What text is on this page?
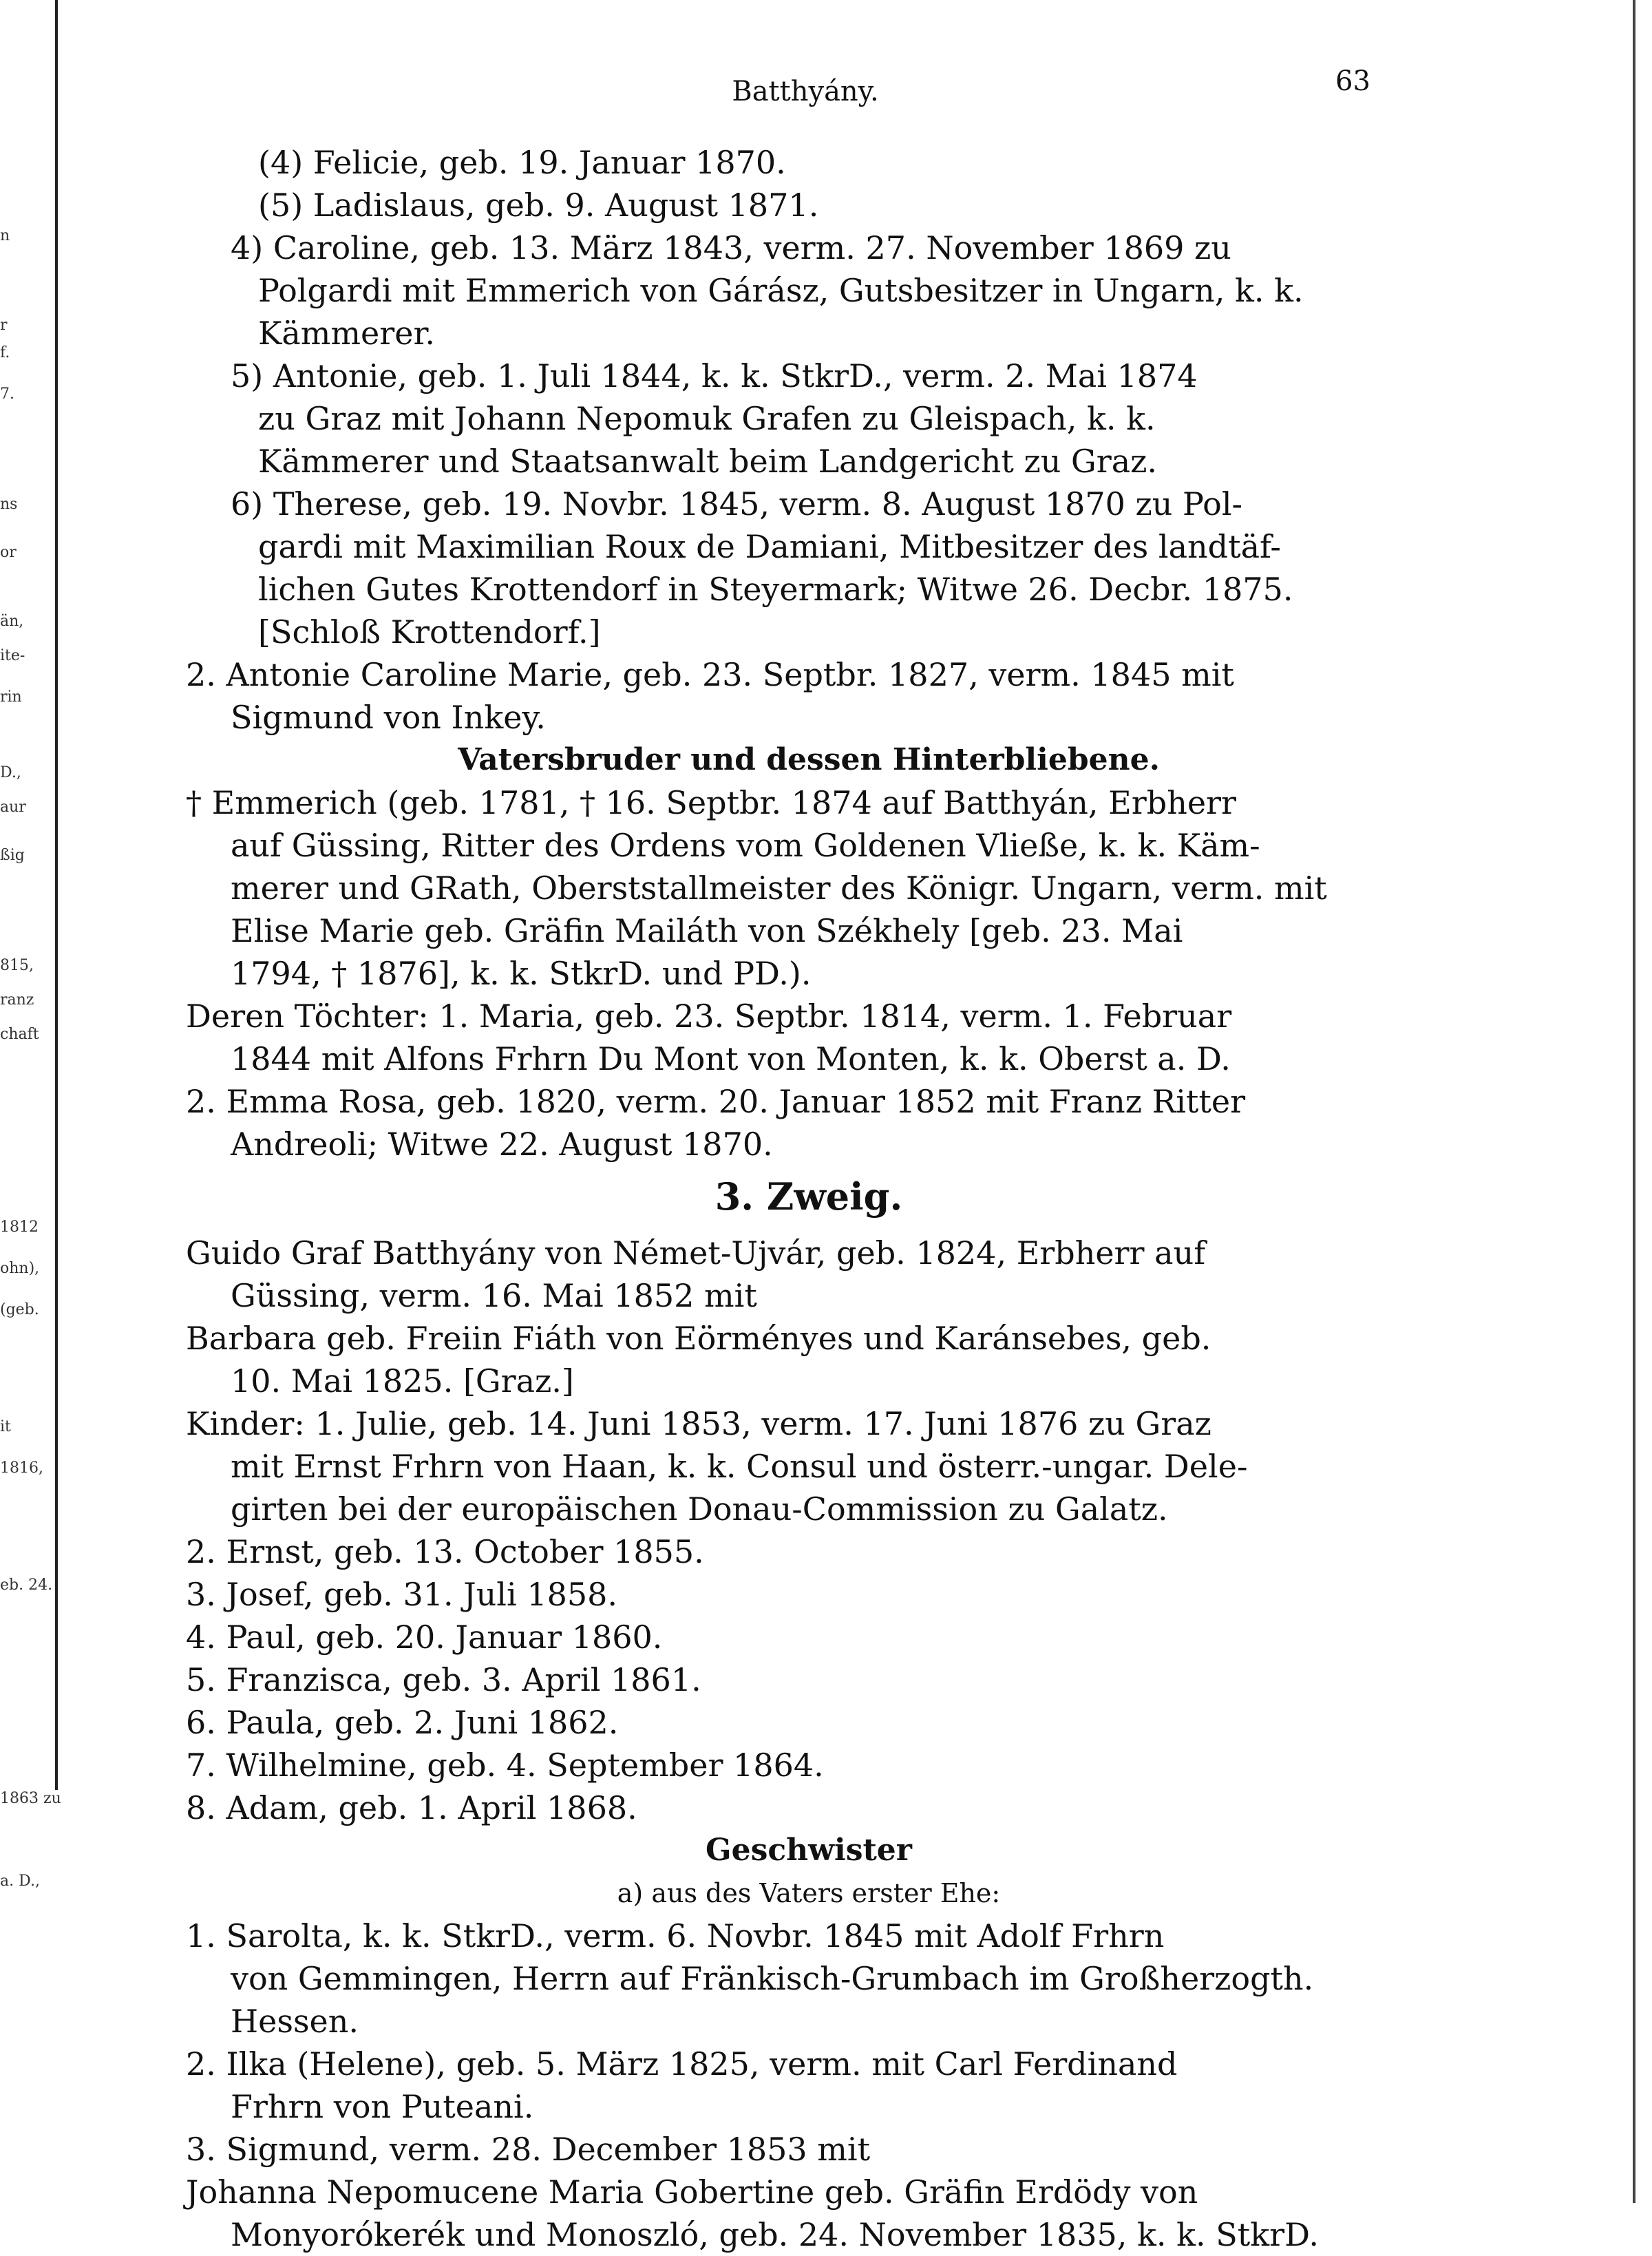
n
r
f.
7.
ns
or
än,
ite-
rin
D.,
aur
ßig
815,
ranz
chaft
1812
ohn),
(geb.
it
1816,
eb. 24.
1863 zu
a. D.,
Batthyány.	63
(4) Felicie, geb. 19. Januar 1870.
(5) Ladislaus, geb. 9. August 1871.
4) Caroline, geb. 13. März 1843, verm. 27. November 1869 zu
Polgardi mit Emmerich von Gárász, Gutsbesitzer in Ungarn, k. k.
Kämmerer.
5) Antonie, geb. 1. Juli 1844, k. k. StkrD., verm. 2. Mai 1874
zu Graz mit Johann Nepomuk Grafen zu Gleispach, k. k.
Kämmerer und Staatsanwalt beim Landgericht zu Graz.
6) Therese, geb. 19. Novbr. 1845, verm. 8. August 1870 zu Pol-
gardi mit Maximilian Roux de Damiani, Mitbesitzer des landtäf-
lichen Gutes Krottendorf in Steyermark; Witwe 26. Decbr. 1875.
[Schloß Krottendorf.]
2. Antonie Caroline Marie, geb. 23. Septbr. 1827, verm. 1845 mit
Sigmund von Inkey.
Vatersbruder und dessen Hinterbliebene.
† Emmerich (geb. 1781, † 16. Septbr. 1874 auf Batthyán, Erbherr
auf Güssing, Ritter des Ordens vom Goldenen Vließe, k. k. Käm-
merer und GRath, Oberststallmeister des Königr. Ungarn, verm. mit
Elise Marie geb. Gräfin Mailáth von Székhely [geb. 23. Mai
1794, † 1876], k. k. StkrD. und PD.).
Deren Töchter: 1. Maria, geb. 23. Septbr. 1814, verm. 1. Februar
1844 mit Alfons Frhrn Du Mont von Monten, k. k. Oberst a. D.
2. Emma Rosa, geb. 1820, verm. 20. Januar 1852 mit Franz Ritter
Andreoli; Witwe 22. August 1870.
3. Zweig.
Guido Graf Batthyány von Német-Ujvár, geb. 1824, Erbherr auf
Güssing, verm. 16. Mai 1852 mit
Barbara geb. Freiin Fiáth von Eörményes und Karánsebes, geb.
10. Mai 1825. [Graz.]
Kinder: 1. Julie, geb. 14. Juni 1853, verm. 17. Juni 1876 zu Graz
mit Ernst Frhrn von Haan, k. k. Consul und österr.-ungar. Dele-
girten bei der europäischen Donau-Commission zu Galatz.
2. Ernst, geb. 13. October 1855.
3. Josef, geb. 31. Juli 1858.
4. Paul, geb. 20. Januar 1860.
5. Franzisca, geb. 3. April 1861.
6. Paula, geb. 2. Juni 1862.
7. Wilhelmine, geb. 4. September 1864.
8. Adam, geb. 1. April 1868.
Geschwister
a) aus des Vaters erster Ehe:
1. Sarolta, k. k. StkrD., verm. 6. Novbr. 1845 mit Adolf Frhrn
von Gemmingen, Herrn auf Fränkisch-Grumbach im Großherzogth.
Hessen.
2. Ilka (Helene), geb. 5. März 1825, verm. mit Carl Ferdinand
Frhrn von Puteani.
3. Sigmund, verm. 28. December 1853 mit
Johanna Nepomucene Maria Gobertine geb. Gräfin Erdödy von
Monyorókerék und Monoszló, geb. 24. November 1835, k. k. StkrD.
